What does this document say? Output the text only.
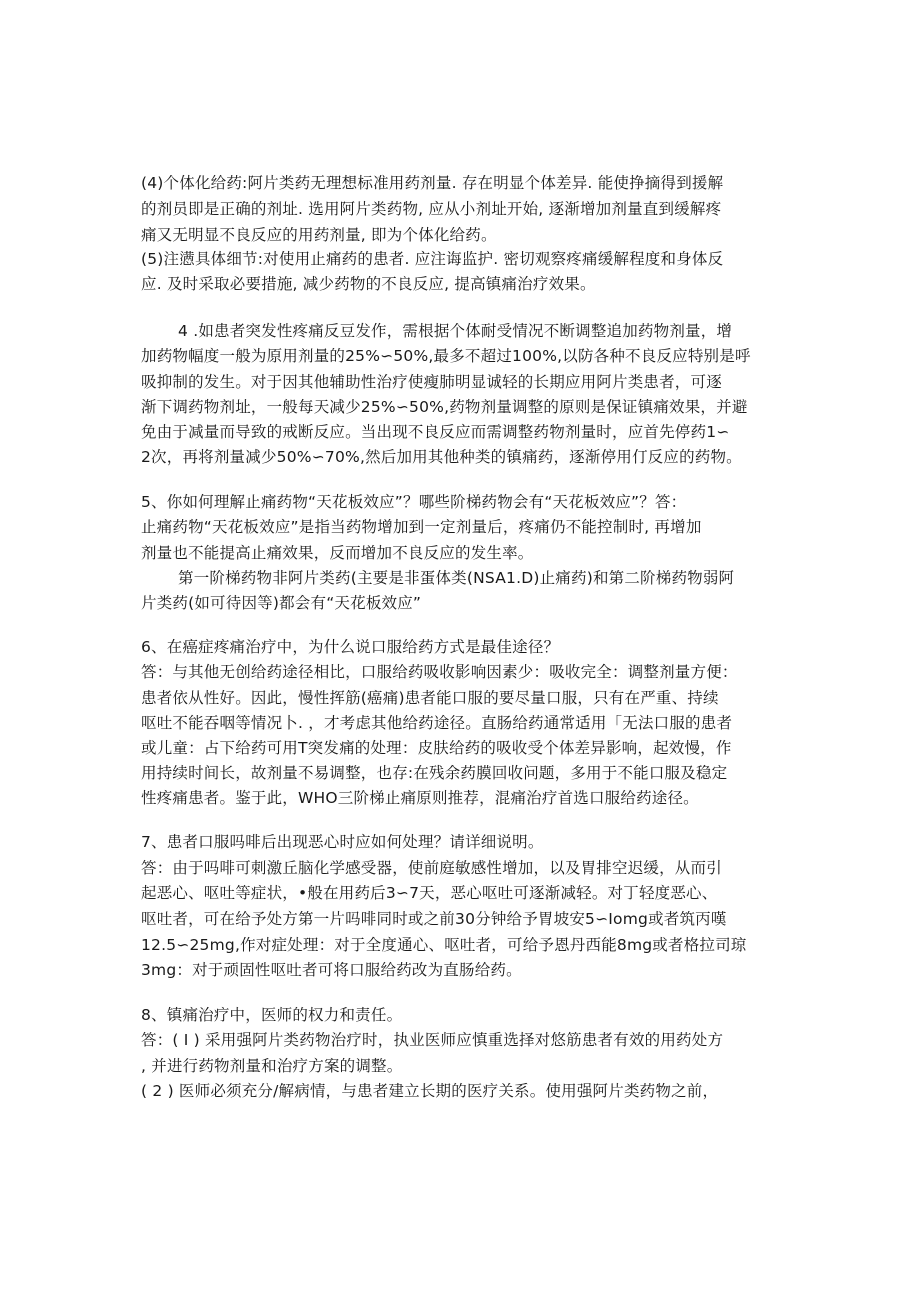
(4)个体化给药:阿片类药无理想标准用药剂量. 存在明显个体差异. 能使挣摘得到援解
的剂员即是正确的剂址. 选用阿片类药物, 应从小剂址开始, 逐渐增加剂量直到缓解疼
痛又无明显不良反应的用药剂量, 即为个体化给药。
(5)注懑具体细节:对使用止痛药的患者. 应注诲监护. 密切观察疼痛缓解程度和身体反
应. 及时采取必要措施, 减少药物的不良反应, 提高镇痛治疗效果。
4 .如患者突发性疼痛反豆发作，需根据个体耐受情况不断调整追加药物剂量，增
加药物幅度一般为原用剂量的25%∽50%,最多不超过100%,以防各种不良反应特别是呼
吸抑制的发生。对于因其他辅助性治疗使瘦肺明显诚轻的长期应用阿片类患者，可逐
渐下调药物剂址，一般每天减少25%∽50%,药物剂量调整的原则是保证镇痛效果，并避
免由于减量而导致的戒断反应。当出现不良反应而需调整药物剂量时，应首先停药1∽
2次，再将剂量减少50%∽70%,然后加用其他种类的镇痛药，逐渐停用仃反应的药物。
5、你如何理解止痛药物“天花板效应”？哪些阶梯药物会有“天花板效应”？答：
止痛药物“天花板效应”是指当药物增加到一定剂量后，疼痛仍不能控制时, 再增加
剂量也不能提高止痛效果，反而增加不良反应的发生率。
第一阶梯药物非阿片类药(主要是非蛋体类(NSA1.D)止痛药)和第二阶梯药物弱阿
片类药(如可待因等)都会有“天花板效应”
6、在癌症疼痛治疗中，为什么说口服给药方式是最佳途径？
答：与其他无创给药途径相比，口服给药吸收影响因素少：吸收完全：调整剂量方便：
患者依从性好。因此，慢性挥筋(癌痛)患者能口服的要尽量口服，只有在严重、持续
呕吐不能吞咽等情况卜. ，才考虑其他给药途径。直肠给药通常适用「无法口服的患者
或儿童：占下给药可用T突发痛的处理：皮肤给药的吸收受个体差异影响，起效慢，作
用持续时间长，故剂量不易调整，也存:在残余药膜回收问题，多用于不能口服及稳定
性疼痛患者。鉴于此，WHO三阶梯止痛原则推荐，混痛治疗首选口服给药途径。
7、患者口服吗啡后出现恶心时应如何处理？请详细说明。
答：由于吗啡可刺激丘脑化学感受器，使前庭敏感性增加，以及胃排空迟缓，从而引
起恶心、呕吐等症状，•般在用药后3∽7天，恶心呕吐可逐渐减轻。对丁轻度恶心、
呕吐者，可在给予处方第一片吗啡同时或之前30分钟给予胃坡安5∽Iomg或者筑丙嘆
12.5∽25mg,作对症处理：对于全度通心、呕吐者，可给予恩丹西能8mg或者格拉司琼
3mg：对于顽固性呕吐者可将口服给药改为直肠给药。
8、镇痛治疗中，医师的权力和责任。
答：( I ) 采用强阿片类药物治疗时，执业医师应慎重选择对悠筋患者有效的用药处方
, 并进行药物剂量和治疗方案的调整。
( 2 ) 医师必须充分/解病情，与患者建立长期的医疗关系。使用强阿片类药物之前，
